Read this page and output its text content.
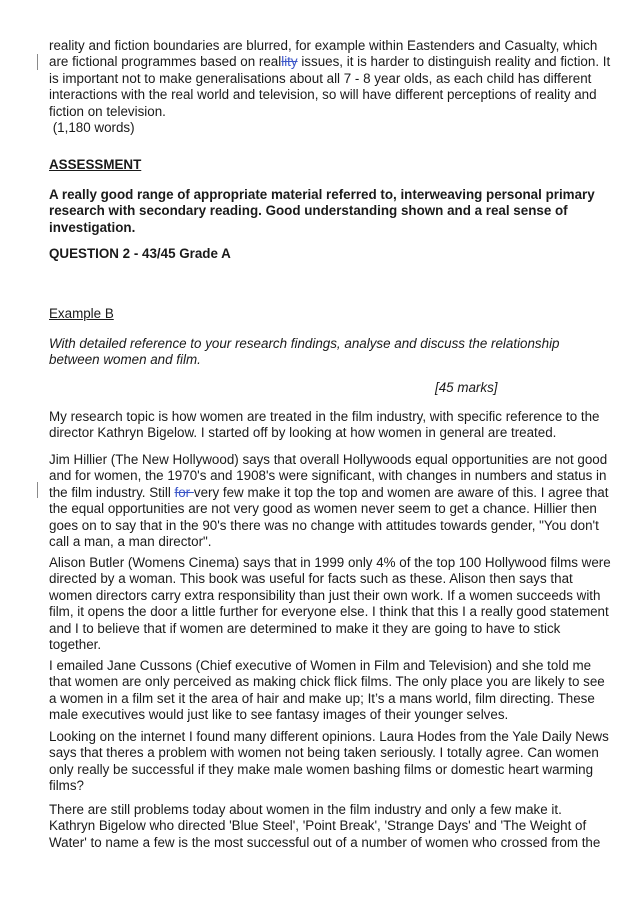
reality and fiction boundaries are blurred, for example within Eastenders and Casualty, which
are fictional programmes based on reallity issues, it is harder to distinguish reality and fiction. It
is important not to make generalisations about all 7 - 8 year olds, as each child has different
interactions with the real world and television, so will have different perceptions of reality and
fiction on television.
(1,180 words)

ASSESSMENT

A really good range of appropriate material referred to, interweaving personal primary
research with secondary reading. Good understanding shown and a real sense of
investigation.

QUESTION 2 - 43/45 Grade A

Example B

With detailed reference to your research findings, analyse and discuss the relationship
between women and film.

[45 marks]

My research topic is how women are treated in the film industry, with specific reference to the
director Kathryn Bigelow. I started off by looking at how women in general are treated.

Jim Hillier (The New Hollywood) says that overall Hollywoods equal opportunities are not good
and for women, the 1970's and 1908's were significant, with changes in numbers and status in
the film industry. Still for very few make it top the top and women are aware of this. I agree that
the equal opportunities are not very good as women never seem to get a chance. Hillier then
goes on to say that in the 90's there was no change with attitudes towards gender, "You don't
call a man, a man director".

Alison Butler (Womens Cinema) says that in 1999 only 4% of the top 100 Hollywood films were
directed by a woman. This book was useful for facts such as these. Alison then says that
women directors carry extra responsibility than just their own work. If a women succeeds with
film, it opens the door a little further for everyone else. I think that this I a really good statement
and I to believe that if women are determined to make it they are going to have to stick
together.

I emailed Jane Cussons (Chief executive of Women in Film and Television) and she told me
that women are only perceived as making chick flick films. The only place you are likely to see
a women in a film set it the area of hair and make up; It’s a mans world, film directing. These
male executives would just like to see fantasy images of their younger selves.

Looking on the internet I found many different opinions. Laura Hodes from the Yale Daily News
says that theres a problem with women not being taken seriously. I totally agree. Can women
only really be successful if they make male women bashing films or domestic heart warming
films?

There are still problems today about women in the film industry and only a few make it.
Kathryn Bigelow who directed 'Blue Steel', 'Point Break', 'Strange Days' and 'The Weight of
Water' to name a few is the most successful out of a number of women who crossed from the
